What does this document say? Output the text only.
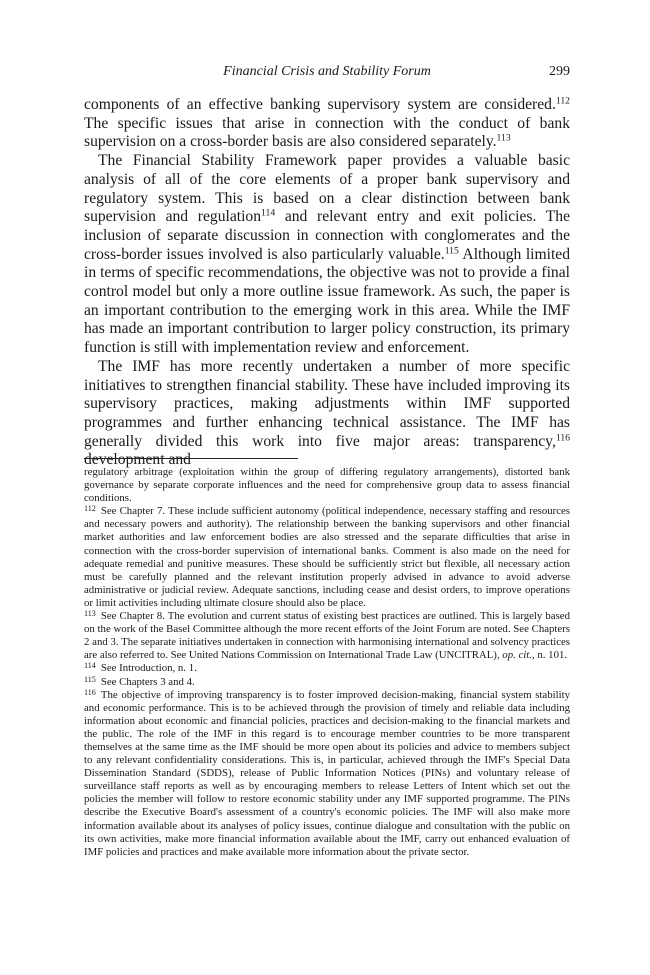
Financial Crisis and Stability Forum	299

components of an effective banking supervisory system are considered.$^{112}$ The specific issues that arise in connection with the conduct of bank supervision on a cross-border basis are also considered separately.$^{113}$

The Financial Stability Framework paper provides a valuable basic analysis of all of the core elements of a proper bank supervisory and regulatory system. This is based on a clear distinction between bank supervision and regulation$^{114}$ and relevant entry and exit policies. The inclusion of separate discussion in connection with conglomerates and the cross-border issues involved is also particularly valuable.$^{115}$ Although limited in terms of specific recommendations, the objective was not to provide a final control model but only a more outline issue framework. As such, the paper is an important contribution to the emerging work in this area. While the IMF has made an important contribution to larger policy construction, its primary function is still with implementation review and enforcement.

The IMF has more recently undertaken a number of more specific initiatives to strengthen financial stability. These have included improving its supervisory practices, making adjustments within IMF supported programmes and further enhancing technical assistance. The IMF has generally divided this work into five major areas: transparency,$^{116}$ development and

regulatory arbitrage (exploitation within the group of differing regulatory arrangements), distorted bank governance by separate corporate influences and the need for comprehensive group data to assess financial conditions.

$^{112}$ See Chapter 7. These include sufficient autonomy (political independence, necessary staffing and resources and necessary powers and authority). The relationship between the banking supervisors and other financial market authorities and law enforcement bodies are also stressed and the separate difficulties that arise in connection with the cross-border supervision of international banks. Comment is also made on the need for adequate remedial and punitive measures. These should be sufficiently strict but flexible, all necessary action must be carefully planned and the relevant institution properly advised in advance to avoid adverse administrative or judicial review. Adequate sanctions, including cease and desist orders, to improve operations or limit activities including ultimate closure should also be place.

$^{113}$ See Chapter 8. The evolution and current status of existing best practices are outlined. This is largely based on the work of the Basel Committee although the more recent efforts of the Joint Forum are noted. See Chapters 2 and 3. The separate initiatives undertaken in connection with harmonising international and solvency practices are also referred to. See United Nations Commission on International Trade Law (UNCITRAL), op. cit., n. 101.

$^{114}$ See Introduction, n. 1.

$^{115}$ See Chapters 3 and 4.

$^{116}$ The objective of improving transparency is to foster improved decision-making, financial system stability and economic performance. This is to be achieved through the provision of timely and reliable data including information about economic and financial policies, practices and decision-making to the financial markets and the public. The role of the IMF in this regard is to encourage member countries to be more transparent themselves at the same time as the IMF should be more open about its policies and advice to members subject to any relevant confidentiality considerations. This is, in particular, achieved through the IMF's Special Data Dissemination Standard (SDDS), release of Public Information Notices (PINs) and voluntary release of surveillance staff reports as well as by encouraging members to release Letters of Intent which set out the policies the member will follow to restore economic stability under any IMF supported programme. The PINs describe the Executive Board's assessment of a country's economic policies. The IMF will also make more information available about its analyses of policy issues, continue dialogue and consultation with the public on its own activities, make more financial information available about the IMF, carry out enhanced evaluation of IMF policies and practices and make available more information about the private sector.
